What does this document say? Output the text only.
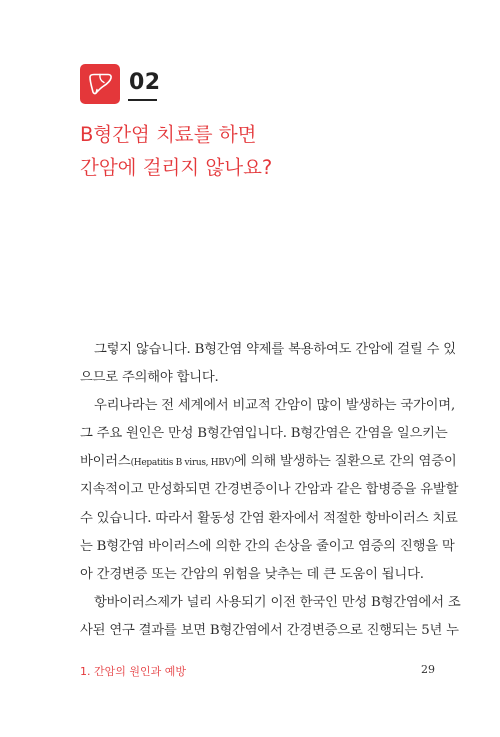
02
B형간염 치료를 하면
간암에 걸리지 않나요?
그렇지 않습니다. B형간염 약제를 복용하여도 간암에 걸릴 수 있
으므로 주의해야 합니다.
우리나라는 전 세계에서 비교적 간암이 많이 발생하는 국가이며,
그 주요 원인은 만성 B형간염입니다. B형간염은 간염을 일으키는
바이러스(Hepatitis B virus, HBV)에 의해 발생하는 질환으로 간의 염증이
지속적이고 만성화되면 간경변증이나 간암과 같은 합병증을 유발할
수 있습니다. 따라서 활동성 간염 환자에서 적절한 항바이러스 치료
는 B형간염 바이러스에 의한 간의 손상을 줄이고 염증의 진행을 막
아 간경변증 또는 간암의 위험을 낮추는 데 큰 도움이 됩니다.
항바이러스제가 널리 사용되기 이전 한국인 만성 B형간염에서 조
사된 연구 결과를 보면 B형간염에서 간경변증으로 진행되는 5년 누
1. 간암의 원인과 예방	29
